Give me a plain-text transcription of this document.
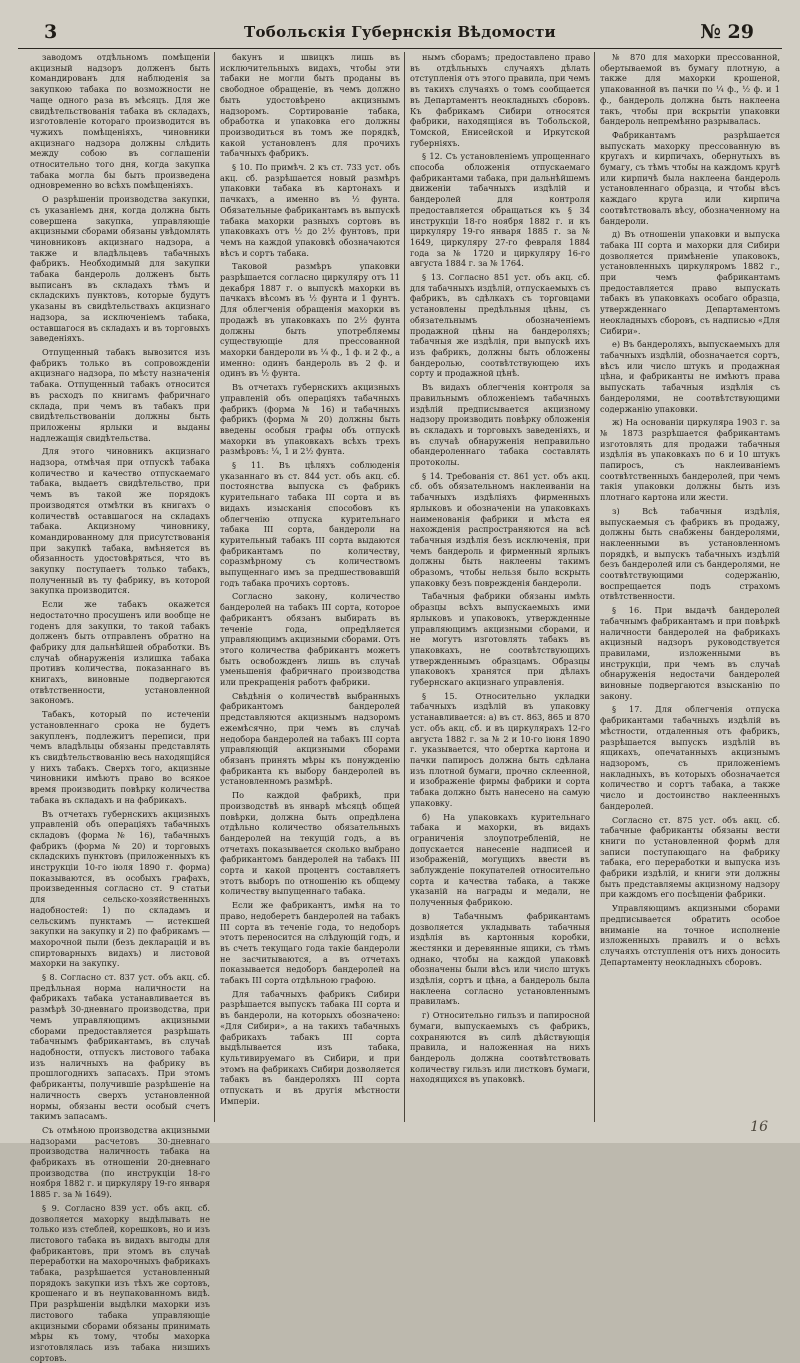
3	Тобольскія Губернскія Вѣдомости	№ 29

заводомъ отдѣльномъ помѣщеніи акцизный надзоръ долженъ быть командированъ для наблюденія за закупкою табака по возможности не чаще одного раза въ мѣсяцъ. Для же свидѣтельствованія табака въ складахъ, изготовленіе котораго производится въ чужихъ помѣщеніяхъ, чиновники акцизнаго надзора должны слѣдить между собою въ соглашеніи относительно того дня, когда закупка табака могла бы быть произведена одновременно во всѣхъ помѣщеніяхъ.

О разрѣшеніи производства закупки, съ указаніемъ дня, когда должна быть совершена закупка, управляющіе акцизными сборами обязаны увѣдомлять чиновниковъ акцизнаго надзора, а также и владѣльцевъ табачныхъ фабрикъ. Необходимый для закупки табака бандероль долженъ быть выписанъ въ складахъ тѣмъ и складскихъ пунктовъ, которые будутъ указаны въ свидѣтельствахъ акцизнаго надзора, за исключеніемъ табака, оставшагося въ складахъ и въ торговыхъ заведеніяхъ.

Отпущенный табакъ вывозится изъ фабрикъ только въ сопровожденіи акцизнаго надзора, по мѣсту назначенія табака. Отпущенный табакъ относится въ расходъ по книгамъ фабричнаго склада, при чемъ въ табакъ при свидѣтельствованіи должны быть приложены ярлыки и выданы надлежащія свидѣтельства.

Для этого чиновникъ акцизнаго надзора, отмѣчая при отпускѣ табака количество и качество отпускаемаго табака, выдаетъ свидѣтельство, при чемъ въ такой же порядокъ производятся отмѣтки въ книгахъ о количествѣ оставшагося на складахъ табака. Акцизному чиновнику, командированному для присутствованія при закупкѣ табака, вмѣняется въ обязанность удостовѣряться, что въ закупку поступаетъ только табакъ, полученный въ ту фабрику, въ которой закупка производится.

Если же табакъ окажется недостаточно просушенъ или вообще не годенъ для закупки, то такой табакъ долженъ быть отправленъ обратно на фабрику для дальнѣйшей обработки. Въ случаѣ обнаруженія излишка табака противъ количества, показаннаго въ книгахъ, виновные подвергаются отвѣтственности, установленной закономъ.

Табакъ, который по истеченіи установленнаго срока не будетъ закупленъ, подлежитъ переписи, при чемъ владѣльцы обязаны представлять къ свидѣтельствованію весь находящійся у нихъ табакъ. Сверхъ того, акцизные чиновники имѣютъ право во всякое время производить повѣрку количества табака въ складахъ и на фабрикахъ.

Въ отчетахъ губернскихъ акцизныхъ управленій объ операціяхъ табачныхъ складовъ (форма № 16), табачныхъ фабрикъ (форма № 20) и торговыхъ складскихъ пунктовъ (приложенныхъ къ инструкціи 10-го іюля 1890 г. форма) показываются, въ особыхъ графахъ, произведенныя согласно ст. 9 статьи для сельско-хозяйственныхъ надобностей: 1) по складамъ и сельскимъ пунктамъ — истекшей закупки на закупку и 2) по фабрикамъ — махорочной пыли (безъ декларацій и въ спиртоварныхъ видахъ) и листовой махорки на закупку.

§ 8. Согласно ст. 837 уст. объ акц. сб. предѣльная норма наличности на фабрикахъ табака устанавливается въ размѣрѣ 30-дневнаго производства, при чемъ управляющимъ акцизными сборами предоставляется разрѣшать табачнымъ фабрикантамъ, въ случаѣ надобности, отпускъ листового табака изъ наличныхъ на фабрику въ прошлогоднихъ запасахъ. При этомъ фабриканты, получившіе разрѣшеніе на наличность сверхъ установленной нормы, обязаны вести особый счетъ такимъ запасамъ.

Съ отмѣною производства акцизными надзорами расчетовъ 30-дневнаго производства наличность табака на фабрикахъ въ отношеніи 20-дневнаго производства (по инструкціи 18-го ноября 1882 г. и циркуляру 19-го января 1885 г. за № 1649).

§ 9. Согласно 839 уст. объ акц. сб. дозволяется махорку выдѣлывать не только изъ стеблей, корешковъ, но и изъ листового табака въ видахъ выгоды для фабрикантовъ, при этомъ въ случаѣ переработки на махорочныхъ фабрикахъ табака, разрѣшается установленный порядокъ закупки изъ тѣхъ же сортовъ, крошенаго и въ неупакованномъ видѣ. При разрѣшеніи выдѣлки махорки изъ листового табака управляющіе акцизными сборами обязаны принимать мѣры къ тому, чтобы махорка изготовлялась изъ табака низшихъ сортовъ.

бакунъ и швицкъ лишь въ исключительныхъ видахъ, чтобы эти табаки не могли быть проданы въ свободное обращеніе, въ чемъ должно быть удостовѣрено акцизнымъ надзоромъ. Сортированіе табака, обработка и упаковка его должны производиться въ томъ же порядкѣ, какой установленъ для прочихъ табачныхъ фабрикъ.

§ 10. По примѣч. 2 къ ст. 733 уст. объ акц. сб. разрѣшается новый размѣръ упаковки табака въ картонахъ и пачкахъ, а именно въ ½ фунта. Обязательные фабрикантамъ въ выпускѣ табака махорки разныхъ сортовъ въ упаковкахъ отъ ½ до 2½ фунтовъ, при чемъ на каждой упаковкѣ обозначаются вѣсъ и сортъ табака.

Таковой размѣръ упаковки разрѣшается согласно циркуляру отъ 11 декабря 1887 г. о выпускѣ махорки въ пачкахъ вѣсомъ въ ½ фунта и 1 фунтъ. Для облегченія обращенія махорки въ продажѣ въ упаковкахъ по 2½ фунта должны быть употребляемы существующіе для прессованной махорки бандероли въ ¼ ф., 1 ф. и 2 ф., а именно: одинъ бандероль въ 2 ф. и одинъ въ ½ фунта.

Въ отчетахъ губернскихъ акцизныхъ управленій объ операціяхъ табачныхъ фабрикъ (форма № 16) и табачныхъ фабрикъ (форма № 20) должны быть введены особыя графы объ отпускѣ махорки въ упаковкахъ всѣхъ трехъ размѣровъ: ¼, 1 и 2½ фунта.

§ 11. Въ цѣляхъ соблюденія указаннаго въ ст. 844 уст. объ акц. сб. постоянства выпуска съ фабрикъ курительнаго табака III сорта и въ видахъ изысканія способовъ къ облегченію отпуска курительнаго табака III сорта, бандероли на курительный табакъ III сорта выдаются фабрикантамъ по количеству, соразмѣрному съ количествомъ выпущеннаго имъ за предшествовавшій годъ табака прочихъ сортовъ.

Согласно закону, количество бандеролей на табакъ III сорта, которое фабрикантъ обязанъ выбирать въ теченіе года, опредѣляется управляющимъ акцизными сборами. Отъ этого количества фабрикантъ можетъ быть освобожденъ лишь въ случаѣ уменьшенія фабричнаго производства или прекращенія работъ фабрики.

Свѣдѣнія о количествѣ выбранныхъ фабрикантомъ бандеролей представляются акцизнымъ надзоромъ ежемѣсячно, при чемъ въ случаѣ недобора бандеролей на табакъ III сорта управляющій акцизными сборами обязанъ принять мѣры къ понужденію фабриканта къ выбору бандеролей въ установленномъ размѣрѣ.

По каждой фабрикѣ, при производствѣ въ январѣ мѣсяцѣ общей повѣрки, должна быть опредѣлена отдѣльно количество обязательныхъ бандеролей на текущій годъ, а въ отчетахъ показывается сколько выбрано фабрикантомъ бандеролей на табакъ III сорта и какой процентъ составляетъ этотъ выборъ по отношенію къ общему количеству выпущеннаго табака.

Если же фабрикантъ, имѣя на то право, недоберетъ бандеролей на табакъ III сорта въ теченіе года, то недоборъ этотъ переносится на слѣдующій годъ, и въ счетъ текущаго года такіе бандероли не засчитываются, а въ отчетахъ показывается недоборъ бандеролей на табакъ III сорта отдѣльною графою.

Для табачныхъ фабрикъ Сибири разрѣшается выпускъ табака III сорта и въ бандероли, на которыхъ обозначено: «Для Сибири», а на такихъ табачныхъ фабрикахъ табакъ III сорта выдѣлывается изъ табака, культивируемаго въ Сибири, и при этомъ на фабрикахъ Сибири дозволяется табакъ въ бандероляхъ III сорта отпускать и въ другія мѣстности Имперіи.

нымъ сборамъ; предоставлено право въ отдѣльныхъ случаяхъ дѣлать отступленія отъ этого правила, при чемъ въ такихъ случаяхъ о томъ сообщается въ Департаментъ неокладныхъ сборовъ. Къ фабрикамъ Сибири относятся фабрики, находящіяся въ Тобольской, Томской, Енисейской и Иркутской губерніяхъ.

§ 12. Съ установленіемъ упрощеннаго способа обложенія отпускаемаго фабрикантами табака, при дальнѣйшемъ движеніи табачныхъ издѣлій и бандеролей для контроля предоставляется обращаться къ § 34 инструкціи 18-го ноября 1882 г. и къ циркуляру 19-го января 1885 г. за № 1649, циркуляру 27-го февраля 1884 года за № 1720 и циркуляру 16-го августа 1884 г. за № 1764.

§ 13. Согласно 851 уст. объ акц. сб. для табачныхъ издѣлій, отпускаемыхъ съ фабрикъ, въ сдѣлкахъ съ торговцами установлены предѣльныя цѣны, съ обязательнымъ обозначеніемъ продажной цѣны на бандероляхъ; табачныя же издѣлія, при выпускѣ ихъ изъ фабрикъ, должны быть обложены бандеролью, соотвѣтствующею ихъ сорту и продажной цѣнѣ.

Въ видахъ облегченія контроля за правильнымъ обложеніемъ табачныхъ издѣлій предписывается акцизному надзору производить повѣрку обложенія въ складахъ и торговыхъ заведеніяхъ, и въ случаѣ обнаруженія неправильно обандероленнаго табака составлять протоколы.

§ 14. Требованія ст. 861 уст. объ акц. сб. объ обязательномъ наклеиваніи на табачныхъ издѣліяхъ фирменныхъ ярлыковъ и обозначеніи на упаковкахъ наименованія фабрики и мѣста ея нахожденія распространяются на всѣ табачныя издѣлія безъ исключенія, при чемъ бандероль и фирменный ярлыкъ должны быть наклеены такимъ образомъ, чтобы нельзя было вскрыть упаковку безъ поврежденія бандероли.

Табачныя фабрики обязаны имѣть образцы всѣхъ выпускаемыхъ ими ярлыковъ и упаковокъ, утвержденные управляющимъ акцизными сборами, и не могутъ изготовлять табакъ въ упаковкахъ, не соотвѣтствующихъ утвержденнымъ образцамъ. Образцы упаковокъ хранятся при дѣлахъ губернскаго акцизнаго управленія.

§ 15. Относительно укладки табачныхъ издѣлій въ упаковку устанавливается: а) въ ст. 863, 865 и 870 уст. объ акц. сб. и въ циркулярахъ 12-го августа 1882 г. за № 2 и 10-го іюня 1890 г. указывается, что обертка картона и пачки папиросъ должна быть сдѣлана изъ плотной бумаги, прочно склеенной, и изображеніе фирмы фабрики и сорта табака должно быть нанесено на самую упаковку.

б) На упаковкахъ курительнаго табака и махорки, въ видахъ ограниченія злоупотребленій, не допускается нанесеніе надписей и изображеній, могущихъ ввести въ заблужденіе покупателей относительно сорта и качества табака, а также указаній на награды и медали, не полученныя фабрикою.

в) Табачнымъ фабрикантамъ дозволяется укладывать табачныя издѣлія въ картонныя коробки, жестянки и деревянные ящики, съ тѣмъ однако, чтобы на каждой упаковкѣ обозначены были вѣсъ или число штукъ издѣлія, сортъ и цѣна, а бандероль была наклеена согласно установленнымъ правиламъ.

г) Относительно гильзъ и папиросной бумаги, выпускаемыхъ съ фабрикъ, сохраняются въ силѣ дѣйствующія правила, и наложенная на нихъ бандероль должна соотвѣтствовать количеству гильзъ или листковъ бумаги, находящихся въ упаковкѣ.

№ 870 для махорки прессованной, обертываемой въ бумагу плотную, а также для махорки крошеной, упакованной въ пачки по ¼ ф., ½ ф. и 1 ф., бандероль должна быть наклеена такъ, чтобы при вскрытіи упаковки бандероль непремѣнно разрывалась.

Фабрикантамъ разрѣшается выпускать махорку прессованную въ кругахъ и кирпичахъ, обернутыхъ въ бумагу, съ тѣмъ чтобы на каждомъ кругѣ или кирпичѣ была наклеена бандероль установленнаго образца, и чтобы вѣсъ каждаго круга или кирпича соотвѣтствовалъ вѣсу, обозначенному на бандероли.

д) Въ отношеніи упаковки и выпуска табака III сорта и махорки для Сибири дозволяется примѣненіе упаковокъ, установленныхъ циркуляромъ 1882 г., при чемъ фабрикантамъ предоставляется право выпускать табакъ въ упаковкахъ особаго образца, утвержденнаго Департаментомъ неокладныхъ сборовъ, съ надписью «Для Сибири».

е) Въ бандероляхъ, выпускаемыхъ для табачныхъ издѣлій, обозначается сортъ, вѣсъ или число штукъ и продажная цѣна, и фабриканты не имѣютъ права выпускать табачныя издѣлія съ бандеролями, не соотвѣтствующими содержанію упаковки.

ж) На основаніи циркуляра 1903 г. за № 1873 разрѣшается фабрикантамъ изготовлять для продажи табачныя издѣлія въ упаковкахъ по 6 и 10 штукъ папиросъ, съ наклеиваніемъ соотвѣтственныхъ бандеролей, при чемъ такія упаковки должны быть изъ плотнаго картона или жести.

з) Всѣ табачныя издѣлія, выпускаемыя съ фабрикъ въ продажу, должны быть снабжены бандеролями, наклеенными въ установленномъ порядкѣ, и выпускъ табачныхъ издѣлій безъ бандеролей или съ бандеролями, не соотвѣтствующими содержанію, воспрещается подъ страхомъ отвѣтственности.

§ 16. При выдачѣ бандеролей табачнымъ фабрикантамъ и при повѣркѣ наличности бандеролей на фабрикахъ акцизный надзоръ руководствуется правилами, изложенными въ инструкціи, при чемъ въ случаѣ обнаруженія недостачи бандеролей виновные подвергаются взысканію по закону.

§ 17. Для облегченія отпуска фабрикантами табачныхъ издѣлій въ мѣстности, отдаленныя отъ фабрикъ, разрѣшается выпускъ издѣлій въ ящикахъ, опечатанныхъ акцизнымъ надзоромъ, съ приложеніемъ накладныхъ, въ которыхъ обозначается количество и сортъ табака, а также число и достоинство наклеенныхъ бандеролей.

Согласно ст. 875 уст. объ акц. сб. табачные фабриканты обязаны вести книги по установленной формѣ для записи поступающаго на фабрику табака, его переработки и выпуска изъ фабрики издѣлій, и книги эти должны быть представляемы акцизному надзору при каждомъ его посѣщеніи фабрики.

Управляющимъ акцизными сборами предписывается обратить особое вниманіе на точное исполненіе изложенныхъ правилъ и о всѣхъ случаяхъ отступленія отъ нихъ доносить Департаменту неокладныхъ сборовъ.

16
